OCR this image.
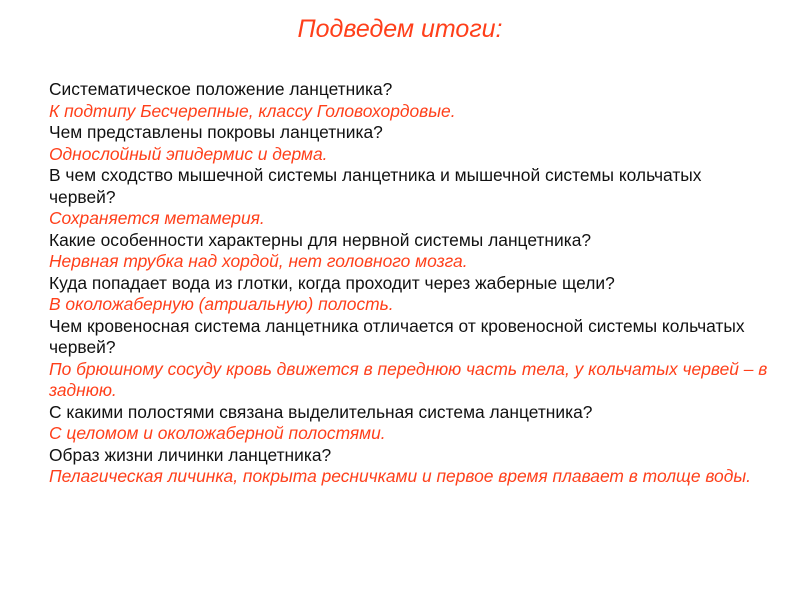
Подведем итоги:
Систематическое положение ланцетника?
К подтипу Бесчерепные, классу Головохордовые.
Чем представлены покровы ланцетника?
Однослойный эпидермис и дерма.
В чем сходство мышечной системы ланцетника и мышечной системы кольчатых червей?
Сохраняется метамерия.
Какие особенности характерны для нервной системы ланцетника?
Нервная трубка над хордой, нет головного мозга.
Куда попадает вода из глотки, когда проходит через жаберные щели?
В околожаберную (атриальную) полость.
Чем кровеносная система ланцетника отличается от кровеносной системы кольчатых червей?
По брюшному сосуду кровь движется в переднюю часть тела, у кольчатых червей – в заднюю.
С какими полостями связана выделительная система ланцетника?
С целомом и околожаберной полостями.
Образ жизни личинки ланцетника?
Пелагическая личинка, покрыта ресничками и первое время плавает в толще воды.
